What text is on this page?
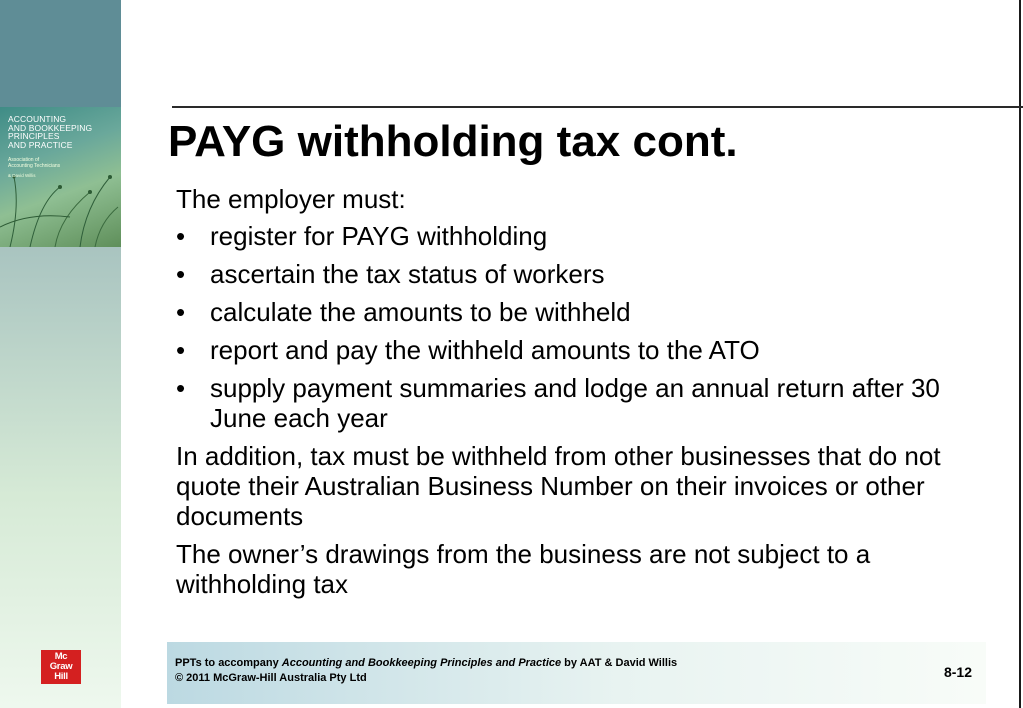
ACCOUNTING
AND BOOKKEEPING
PRINCIPLES
AND PRACTICE
Association of
Accounting Technicians
& David Willis
Mc
Graw
Hill
PAYG withholding tax cont.

The employer must:

• register for PAYG withholding
• ascertain the tax status of workers
• calculate the amounts to be withheld
• report and pay the withheld amounts to the ATO
• supply payment summaries and lodge an annual return after 30 June each year

In addition, tax must be withheld from other businesses that do not quote their Australian Business Number on their invoices or other documents

The owner’s drawings from the business are not subject to a withholding tax

PPTs to accompany Accounting and Bookkeeping Principles and Practice by AAT & David Willis
© 2011 McGraw-Hill Australia Pty Ltd	8-12
